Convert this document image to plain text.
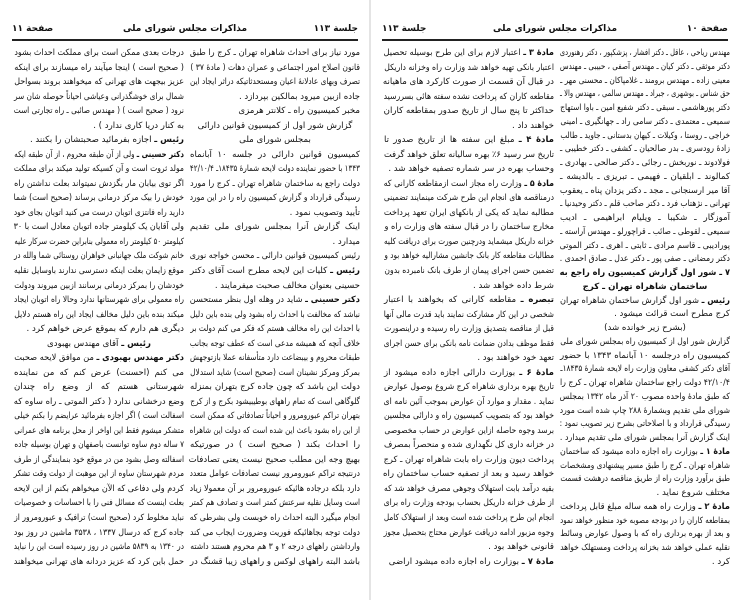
جلسة ۱۱۳
مذاکرات مجلس شورای ملی
صفحة ۱۱
مورد نیاز برای احداث شاهراه تهران ـ کرج را طبق
قانون اصلاح امور اجتماعی و عمران دهات ( مادهٔ ۳۷ )
تصرف وبهای عادلانهٔ اعیان ومستحدثاتیکه دراثر ایجاد این
جاده ازبین میرود بمالکین بپردازد .
مخبر کمیسیون راه ـ کلانتر هرمزی
گزارش شور اول از کمیسیون قوانین دارائی
بمجلس شورای ملی
کمیسیون قوانین دارائی در جلسه ۱۰ آبانماه
۱۳۴۳ با حضور نماینده دولت لایحه شمارهٔ ۱۸۴۳۵ـ ۴۲/۱۰/۴
دولت راجع به ساختمان شاهراه تهران ـ کرج را مورد
رسیدگی قرارداد و گزارش کمیسیون راه را در این مورد
تأیید وتصویب نمود .
اینک گزارش آنرا بمجلس شورای ملی تقدیم
میدارد .
رئیس کمیسیون قوانین دارائی ـ محسن خواجه نوری
رئیس ـ کلیات این لایحه مطرح است آقای دکتر
حسینی بعنوان مخالف صحبت میفرمایند .
دکتر حسینی ـ شاید در وهله اول بنظر مستحسن
نباشد که مخالفت با احداث راه بشود ولی بنده باین دلیل
با احداث این راه مخالف هستم که فکر می کنم دولت بر
خلاف آنچه که همیشه مدعی است که عطف توجه بجانب
طبقات محروم و بیبضاعت دارد متأسفانه عملا بازتوجهش
بمرکز ومرکز نشینان است (صحیح است) شاید استدلال
دولت این باشد که چون جاده کرج بتهران بمنزله
گلوگاهی است که تمام راههای بوطیبیشود بکرج و از کرج
بتهران تراکم عبورومرور و احیاناً تصادفاتی که ممکن است
از این راه بشود باعث این شده است که دولت این شاهراه
را احداث بکند ( صحیح است ) در صورتیکه
بهیچ وجه این مطلب صحیح نیست یعنی تصادفات
درنتیجه تراکم عبورومرور نیست تصادفات عوامل متعدد
دارد بلکه درجاده هائیکه عبورومرور بر آن معمولا زیاد
است وسایل نقلیه سرعتش کمتر است و تصادف هم کمتر
انجام میگیرد البته احداث راه خوبست ولی بشرطی که
دولت توجه بجاهائیکه فوریت وضرورت ایجاب می کند
وارداشتن راههای درجه ۲ و ۳ هم محروم هستند داشته
باشد البته راههای لوکس و راههای زیبا قشنگ در
درجات بعدی ممکن است برای مملکت احداث بشود
( صحیح است ) اینجا میآیند راه میسازند برای اینکه
عزیز بیجهت های تهرانی که میخواهند بروند بسواحل
شمال برای خوشگذرانی وعیاشی احیاناً حوصله شان سر
نرود ( صحیح است ) ( مهندس صائبی ـ راه تجارتی است
به کنار دریا کاری ندارد ) .
رئیس ـ اجازه بفرمائید صحبتشان را بکنند .
دکتر حسینی ـ ولی از آن طبقه محروم ، از آن طبقه ایکه
مولد ثروت است و آن کسیکه تولید میکند برای مملکت
اگر توی بیابان مار بگزدش نمیتواند بعلت نداشتن راه
خودش را بیک مرکز درمانی برساند (صحیح است) شما
دارید راه فانتزی اتوبان درست می کنید اتوبان بجای خود
ولی آقایان یک کیلومتر جاده اتوبان معادل است با ۳۰
کیلومتر ۵۰ کیلومتر راه معمولی بنابراین حضرت سرکار علیه
خانم شوکت ملک جهانبانی خواهران روستائی شما والله در
موقع زایمان بعلت اینکه دسترسی ندارند باوسایل نقلیه
خودشان را بمرکز درمانی برسانند ازبین میروند ودولت
راه معمولی برای شهرستانها ندارد وحالا راه اتوبان ایجاد
میکند بنده باین دلیل مخالف ایجاد این راه هستم دلایل
دیگری هم دارم که بموقع عرض خواهم کرد .
رئیس ـ آقای مهندس بهبودی
دکتر مهندس بهبودی ـ من موافق لایحه صحبت
می کنم (احسنت) عرض کنم که من نماینده
شهرستانی هستم که از وضع راه چندان
وضع درخشانی ندارد ( دکتر الموتی ـ راه ساوه که
اسفالت است ) اگر اجازه بفرمائید عرایضم را بکنم خیلی
متشکر میشوم فقط این اواخر از محل برنامه های عمرانی
۷ ساله دوم ساوه توانست باصفهان و تهران بوسیله جاده
اسفالته وصل بشود من در موقع خود بنمایندگی از طرف
مردم شهرستان ساوه از این موهبت از دولت وقت تشکر
کردم ولی دفاعی که الآن میخواهم بکنم از این لایحه
بعلت اینست که مسائل فنی را با احساسات و خصوصیات
نباید مخلوط کرد (صحیح است) ترافیک و عبورومرور از
جاده کرج که درسال ۱۳۳۷ ، ۳۵۳۸ ماشین در روز بود
در ۱۳۴۰ به ۵۸۳۹ ماشین در روز رسیده است این را نباید
حمل باین کرد که عزیز دردانه های تهرانی میخواهند
صفحة ۱۰
مذاکرات مجلس شورای ملی
جلسة ۱۱۳
مهندس ریاحی ، عاقل ـ دکتر افشار ، پزشکپور ، دکتر رهنوردی
دکتر موثقی ـ دکتر کیان ـ مهندس آصفی ، حبیبی ـ مهندس
معینی زاده ـ مهندس برومند ـ غلامپاکان ـ محسنی مهر ـ
حق شناس ـ بوشهری ، جبراد ـ مهندس سالمی ، مهندس والا ـ
دکتر پورهاشمی ـ سبقی ـ دکتر شفیع امین ـ باوا استهاج
سمیعی ـ معتمدی ـ دکتر سامی راد ـ جهانگیری ـ امینی
خراجی ـ روستا ، وکیلات ـ کیهان بدستانی ـ جاوید ـ طالب
زادهٔ رودسری ـ بدر صالحیان ـ کشفی ـ دکتر خطیبی ـ
فولادوند ـ نوربخش ـ رجائی ـ دکتر صالحی ـ بهادری ـ
کمالوند ـ ابلقیان ـ فهیمی ـ تبریزی ـ بالدیشه ـ
آقا میر ارسنجانی ـ مجد ـ دکتر یزدان پناه ـ یعقوب
تهرانی ـ نژهتاب فرد ـ دکتر صاحب قلم ـ دکتر وحیدنیا ـ
آموزگار ـ شکیبا ـ ویلیام ابراهیمی ـ ادیب
سمیعی ـ لقوطی ـ صائب ـ قراچورلو ـ مهندس آراسته ـ
پورادیبی ـ قاسم مرادی ـ ثابتی ـ اهری ـ دکتر الموتی
دکتر رمضانی ـ صفی پور ـ دکتر عدل ـ صادق احمدی .
۷ ـ شور اول گزارش کمیسیون راه راجع به
ساختمان شاهراه تهران ـ کرج
رئیس ـ شور اول گزارش ساختمان شاهراه تهران
کرج مطرح است قرائت میشود .
(بشرح زیر خوانده شد)
گزارش شور اول از کمیسیون راه بمجلس شورای ملی
کمیسیون راه درجلسه ۱۰ آبانماه ۱۳۴۳ با حضور
آقای دکتر کشفی معاون وزارت راه لایحه شمارهٔ ۱۸۴۳۵ـ
۴۲/۱۰/۴ دولت راجع ساختمان شاهراه تهران ـ کرج را
که طبق مادهٔ واحده مصوب ۲۰ آذر ماه ۱۳۴۲ بمجلس
شورای ملی تقدیم وبشمارهٔ ۲۸۸ چاپ شده است مورد
رسیدگی قرارداد و با اصلاحاتی بشرح زیر تصویب نمود :
اینک گزارش آنرا بمجلس شورای ملی تقدیم میدارد .
مادهٔ ۱ ـ بوزارت راه اجازه داده میشود که ساختمان
شاهراه تهران ـ کرج را طبق مسیر پیشنهادی ومشخصات
طبق برآورد وزارت راه از طریق مناقصه درهشت قسمت
مختلف شروع نماید .
مادهٔ ۲ ـ وزارت راه همه ساله مبلغ قابل پرداخت
بمقاطعه کاران را در بودجه مصوبه خود منظور خواهد نمود
و بعد از بهره برداری راه که با وصول عوارض وسائط
نقلیه عملی خواهد شد بخزانه پرداخت ومستهلک خواهد
کرد .
مادهٔ ۳ ـ اعتبار لازم برای این طرح بوسیله تحصیل
اعتبار بانکی تهیه خواهد شد وزارت راه وخزانه داریکل
در قبال آن قسمت از صورت کارکرد های ماهیانه
مقاطعه کاران که پرداخت نشده سفته هائی بسررسید
حداکثر تا پنج سال از تاریخ صدور بمقاطعه کاران
خواهند داد .
مادهٔ ۴ ـ مبلغ این سفته ها از تاریخ صدور تا
تاریخ سر رسید ۶٪ بهره سالیانه تعلق خواهد گرفت
وحساب بهره در سر شماره تصفیه خواهد شد .
مادهٔ ۵ ـ وزارت راه مجاز است ازمقاطعه کارانی که
درمناقصه های انجام این طرح شرکت مینمایند تضمینی
مطالبه نماید که یکی از بانکهای ایران تعهد پرداخت
مخارج ساختمان را در قبال سفته های وزارت راه و
خزانه داریکل میشماید ودرچنین صورت برای دریافت کلیه
مطالبات مقاطعه کار بانک جانشین مشارالیه خواهد بود و
تضمین حسن اجرای پیمان از طرف بانک نامبرده بدون
شرط داده خواهد شد .
تبصره ـ مقاطعه کارانی که بخواهند با اعتبار
شخصی در این کار مشارکت نمایند باید قدرت مالی آنها
قبل از مناقصه بتصدیق وزارت راه رسیده و دراینصورت
فقط موظف بدادن ضمانت نامه بانکی برای حسن اجرای
تعهد خود خواهند بود .
مادهٔ ۶ ـ بوزارت دارائی اجازه داده میشود از
تاریخ بهره برداری شاهراه کرج شروع بوصول عوارض
نماید . مقدار و موارد آن عوارض بموجب آئین نامه ای
خواهد بود که بتصویب کمیسیون راه و دارائی مجلسین
برسد وجوه حاصله ازاین عوارض در حساب مخصوصی
در خزانه داری کل نگهداری شده و منحصراً بمصرف
پرداخت دیون وزارت راه بابت شاهراه تهران ـ کرج
خواهد رسید و بعد از تصفیه حساب ساختمان راه
بقیه درآمد بابت استهلاک وجوهی مصرف خواهد شد که
از طرف خزانه داریکل بحساب بودجه وزارت راه برای
انجام این طرح پرداخت شده است وبعد از استهلاک کامل
وجوه مزبور ادامه دریافت عوارض محتاج بتحصیل مجوز
قانونی خواهد بود .
مادهٔ ۷ ـ بوزارت راه اجازه داده میشود اراضی
